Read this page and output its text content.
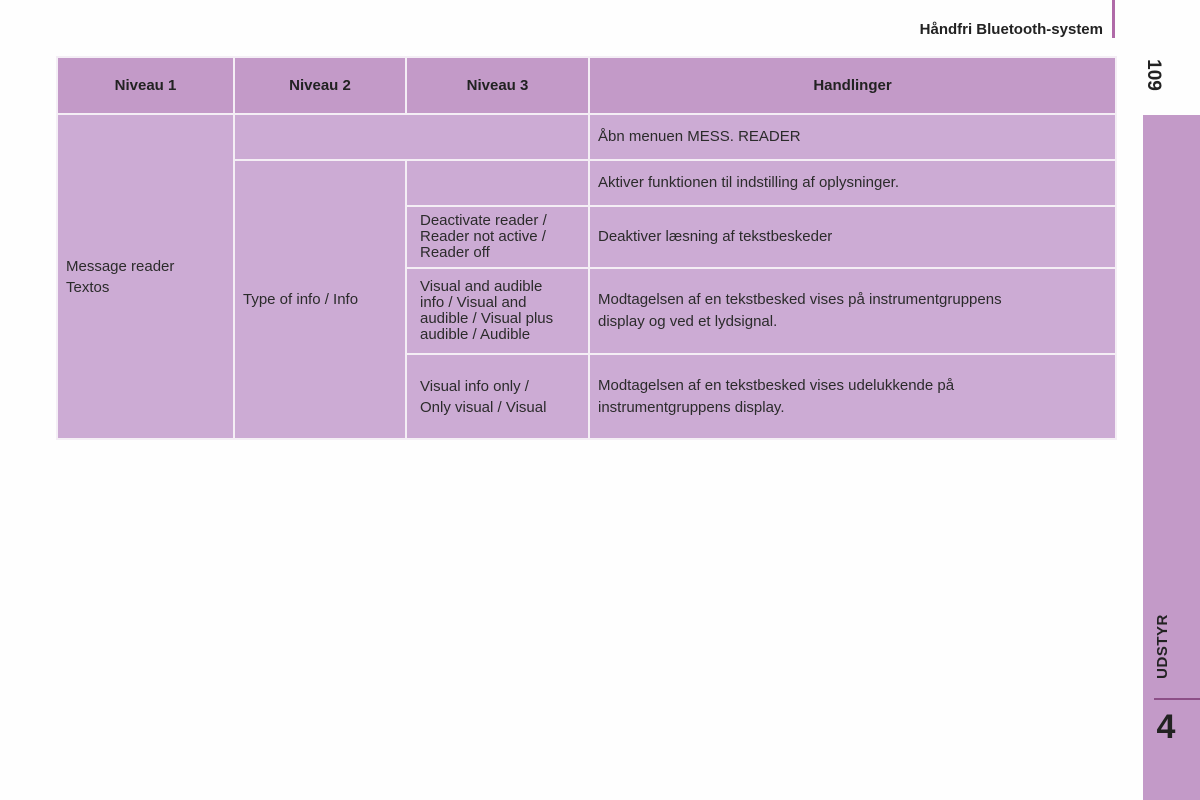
Håndfri Bluetooth-system
109
UDSTYR
4
Niveau 1	Niveau 2	Niveau 3	Handlinger
Message reader
Textos			Åbn menuen MESS. READER
	Type of info / Info		Aktiver funktionen til indstilling af oplysninger.
		Deactivate reader /
Reader not active /
Reader off	Deaktiver læsning af tekstbeskeder
		Visual and audible
info / Visual and
audible / Visual plus
audible / Audible	Modtagelsen af en tekstbesked vises på instrumentgruppens
display og ved et lydsignal.
		Visual info only /
Only visual / Visual	Modtagelsen af en tekstbesked vises udelukkende på
instrumentgruppens display.
